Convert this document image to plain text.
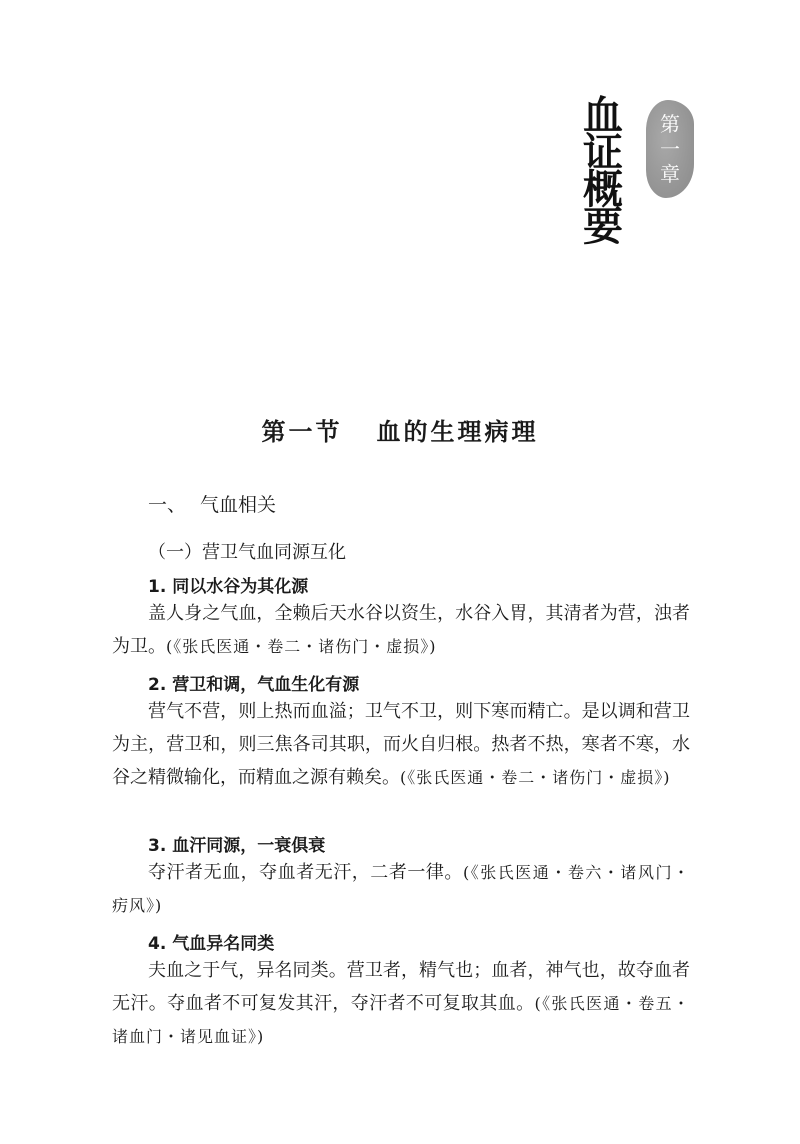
血
证
概
要
第
一
章
第一节 血的生理病理
一、 气血相关
（一）营卫气血同源互化
1. 同以水谷为其化源
盖人身之气血，全赖后天水谷以资生，水谷入胃，其清者为营，浊者为卫。(《张氏医通・卷二・诸伤门・虚损》)
2. 营卫和调，气血生化有源
营气不营，则上热而血溢；卫气不卫，则下寒而精亡。是以调和营卫为主，营卫和，则三焦各司其职，而火自归根。热者不热，寒者不寒，水谷之精微输化，而精血之源有赖矣。(《张氏医通・卷二・诸伤门・虚损》)
3. 血汗同源，一衰俱衰
夺汗者无血，夺血者无汗，二者一律。(《张氏医通・卷六・诸风门・疠风》)
4. 气血异名同类
夫血之于气，异名同类。营卫者，精气也；血者，神气也，故夺血者无汗。夺血者不可复发其汗，夺汗者不可复取其血。(《张氏医通・卷五・诸血门・诸见血证》)
